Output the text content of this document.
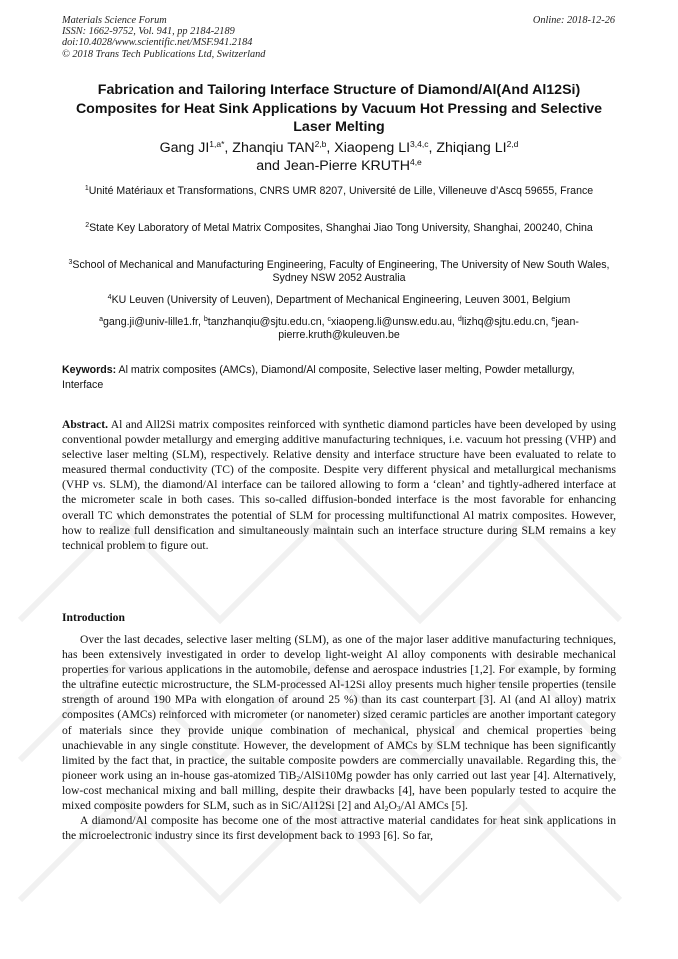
Materials Science Forum
ISSN: 1662-9752, Vol. 941, pp 2184-2189
doi:10.4028/www.scientific.net/MSF.941.2184
© 2018 Trans Tech Publications Ltd, Switzerland
Online: 2018-12-26
Fabrication and Tailoring Interface Structure of Diamond/Al(And Al12Si) Composites for Heat Sink Applications by Vacuum Hot Pressing and Selective Laser Melting
Gang $JI^{1,a*}$, Zhanqiu TAN$^{2,b}$, Xiaopeng LI$^{3,4,c}$, Zhiqiang LI$^{2,d}$
and Jean-Pierre KRUTH$^{4,e}$
$^1$Unité Matériaux et Transformations, CNRS UMR 8207, Université de Lille, Villeneuve d’Ascq 59655, France
$^2$State Key Laboratory of Metal Matrix Composites, Shanghai Jiao Tong University, Shanghai, 200240, China
$^3$School of Mechanical and Manufacturing Engineering, Faculty of Engineering, The University of New South Wales, Sydney NSW 2052 Australia
$^4$KU Leuven (University of Leuven), Department of Mechanical Engineering, Leuven 3001, Belgium
$^a$gang.ji@univ-lille1.fr, $^b$tanzhanqiu@sjtu.edu.cn, $^c$xiaopeng.li@unsw.edu.au, $^d$lizhq@sjtu.edu.cn, $^e$jean-pierre.kruth@kuleuven.be
Keywords: Al matrix composites (AMCs), Diamond/Al composite, Selective laser melting, Powder metallurgy, Interface
Abstract. Al and All2Si matrix composites reinforced with synthetic diamond particles have been developed by using conventional powder metallurgy and emerging additive manufacturing techniques, i.e. vacuum hot pressing (VHP) and selective laser melting (SLM), respectively. Relative density and interface structure have been evaluated to relate to measured thermal conductivity (TC) of the composite. Despite very different physical and metallurgical mechanisms (VHP vs. SLM), the diamond/Al interface can be tailored allowing to form a ‘clean’ and tightly-adhered interface at the micrometer scale in both cases. This so-called diffusion-bonded interface is the most favorable for enhancing overall TC which demonstrates the potential of SLM for processing multifunctional Al matrix composites. However, how to realize full densification and simultaneously maintain such an interface structure during SLM remains a key technical problem to figure out.
Introduction

Over the last decades, selective laser melting (SLM), as one of the major laser additive manufacturing techniques, has been extensively investigated in order to develop light-weight Al alloy components with desirable mechanical properties for various applications in the automobile, defense and aerospace industries [1,2]. For example, by forming the ultrafine eutectic microstructure, the SLM-processed Al-12Si alloy presents much higher tensile properties (tensile strength of around 190 MPa with elongation of around 25 %) than its cast counterpart [3]. Al (and Al alloy) matrix composites (AMCs) reinforced with micrometer (or nanometer) sized ceramic particles are another important category of materials since they provide unique combination of mechanical, physical and chemical properties being unachievable in any single constitute. However, the development of AMCs by SLM technique has been significantly limited by the fact that, in practice, the suitable composite powders are commercially unavailable. Regarding this, the pioneer work using an in-house gas-atomized TiB$_2$/AlSi10Mg powder has only carried out last year [4]. Alternatively, low-cost mechanical mixing and ball milling, despite their drawbacks [4], have been popularly tested to acquire the mixed composite powders for SLM, such as in SiC/Al12Si [2] and $Al_2O_3/Al$ AMCs [5].

A diamond/Al composite has become one of the most attractive material candidates for heat sink applications in the microelectronic industry since its first development back to 1993 [6]. So far,
